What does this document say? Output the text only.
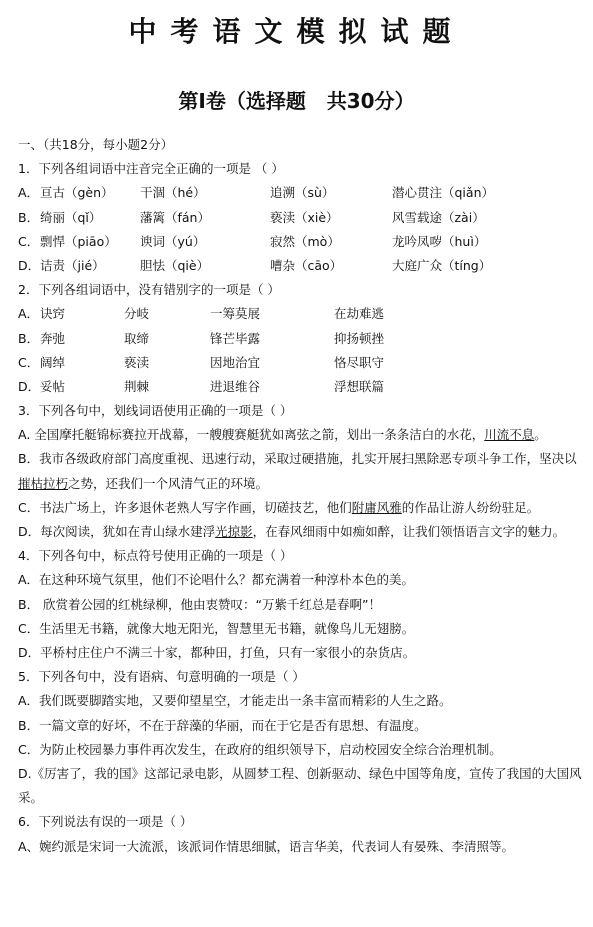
中考语文模拟试题
第Ⅰ卷（选择题   共30分）
一、（共18分，每小题2分）
1．下列各组词语中注音完全正确的一项是 （ ）
A． 亘古（gèn）	干涸（hé）	追溯（sù）	潜心贯注（qiǎn）
B． 绮丽（qǐ）	藩篱（fán）	亵渎（xiè）	风雪载途（zài）
C． 剽悍（piāo）	谀词（yú）	寂然（mò）	龙吟凤哕（huì）
D． 诘责（jié）	胆怯（qiè）	嘈杂（cāo）	大庭广众（tíng）
2．下列各组词语中，没有错别字的一项是（ ）
A． 诀窍	分岐	一筹莫展	在劫难逃
B． 奔弛	取缔	锋芒毕露	抑扬顿挫
C． 阔绰	亵渎	因地治宜	恪尽职守
D． 妥帖	荆棘	进退维谷	浮想联篇
3．下列各句中，划线词语使用正确的一项是（ ）
A. 全国摩托艇锦标赛拉开战幕，一艘艘赛艇犹如离弦之箭，划出一条条洁白的水花，川流不息。
B．我市各级政府部门高度重视、迅速行动，采取过硬措施，扎实开展扫黑除恶专项斗争工作，坚决以摧枯拉朽之势，还我们一个风清气正的环境。
C．书法广场上，许多退休老熟人写字作画，切磋技艺，他们附庸风雅的作品让游人纷纷驻足。
D．每次阅读，犹如在青山绿水建浮光掠影，在春风细雨中如痴如醉，让我们领悟语言文字的魅力。
4．下列各句中，标点符号使用正确的一项是（ ）
A．在这种环境气氛里，他们不论唱什么？都充满着一种淳朴本色的美。
B． 欣赏着公园的红桃绿柳，他由衷赞叹：“万紫千红总是春啊”！
C．生活里无书籍，就像大地无阳光，智慧里无书籍，就像鸟儿无翅膀。
D．平桥村庄住户不满三十家，都种田，打鱼，只有一家很小的杂货店。
5．下列各句中，没有语病、句意明确的一项是（ ）
A．我们既要脚踏实地，又要仰望星空，才能走出一条丰富而精彩的人生之路。
B．一篇文章的好坏，不在于辞藻的华丽，而在于它是否有思想、有温度。
C．为防止校园暴力事件再次发生，在政府的组织领导下，启动校园安全综合治理机制。
D.《厉害了，我的国》这部记录电影，从圆梦工程、创新驱动、绿色中国等角度，宣传了我国的大国风采。
6．下列说法有误的一项是（ ）
A、婉约派是宋词一大流派，该派词作情思细腻，语言华美，代表词人有晏殊、李清照等。
